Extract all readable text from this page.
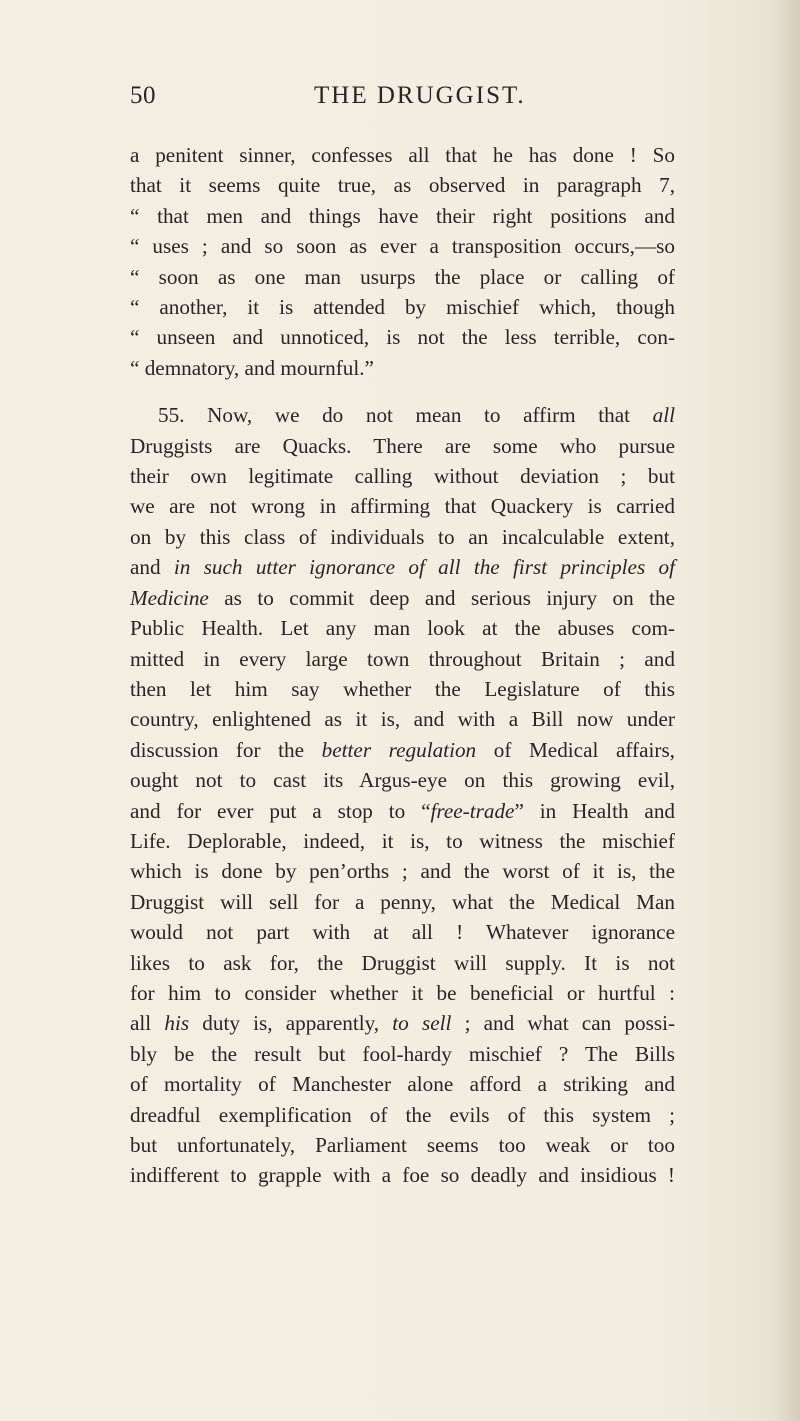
50	THE DRUGGIST.

a penitent sinner, confesses all that he has done ! So
that it seems quite true, as observed in paragraph 7,
“ that men and things have their right positions and
“ uses ; and so soon as ever a transposition occurs,—so
“ soon as one man usurps the place or calling of
“ another, it is attended by mischief which, though
“ unseen and unnoticed, is not the less terrible, con-
“ demnatory, and mournful.”

55. Now, we do not mean to affirm that all
Druggists are Quacks. There are some who pursue
their own legitimate calling without deviation ; but
we are not wrong in affirming that Quackery is carried
on by this class of individuals to an incalculable extent,
and in such utter ignorance of all the first principles of
Medicine as to commit deep and serious injury on the
Public Health. Let any man look at the abuses com-
mitted in every large town throughout Britain ; and
then let him say whether the Legislature of this
country, enlightened as it is, and with a Bill now under
discussion for the better regulation of Medical affairs,
ought not to cast its Argus-eye on this growing evil,
and for ever put a stop to “free-trade” in Health and
Life. Deplorable, indeed, it is, to witness the mischief
which is done by pen’orths ; and the worst of it is, the
Druggist will sell for a penny, what the Medical Man
would not part with at all ! Whatever ignorance
likes to ask for, the Druggist will supply. It is not
for him to consider whether it be beneficial or hurtful :
all his duty is, apparently, to sell ; and what can possi-
bly be the result but fool-hardy mischief ? The Bills
of mortality of Manchester alone afford a striking and
dreadful exemplification of the evils of this system ;
but unfortunately, Parliament seems too weak or too
indifferent to grapple with a foe so deadly and insidious !
